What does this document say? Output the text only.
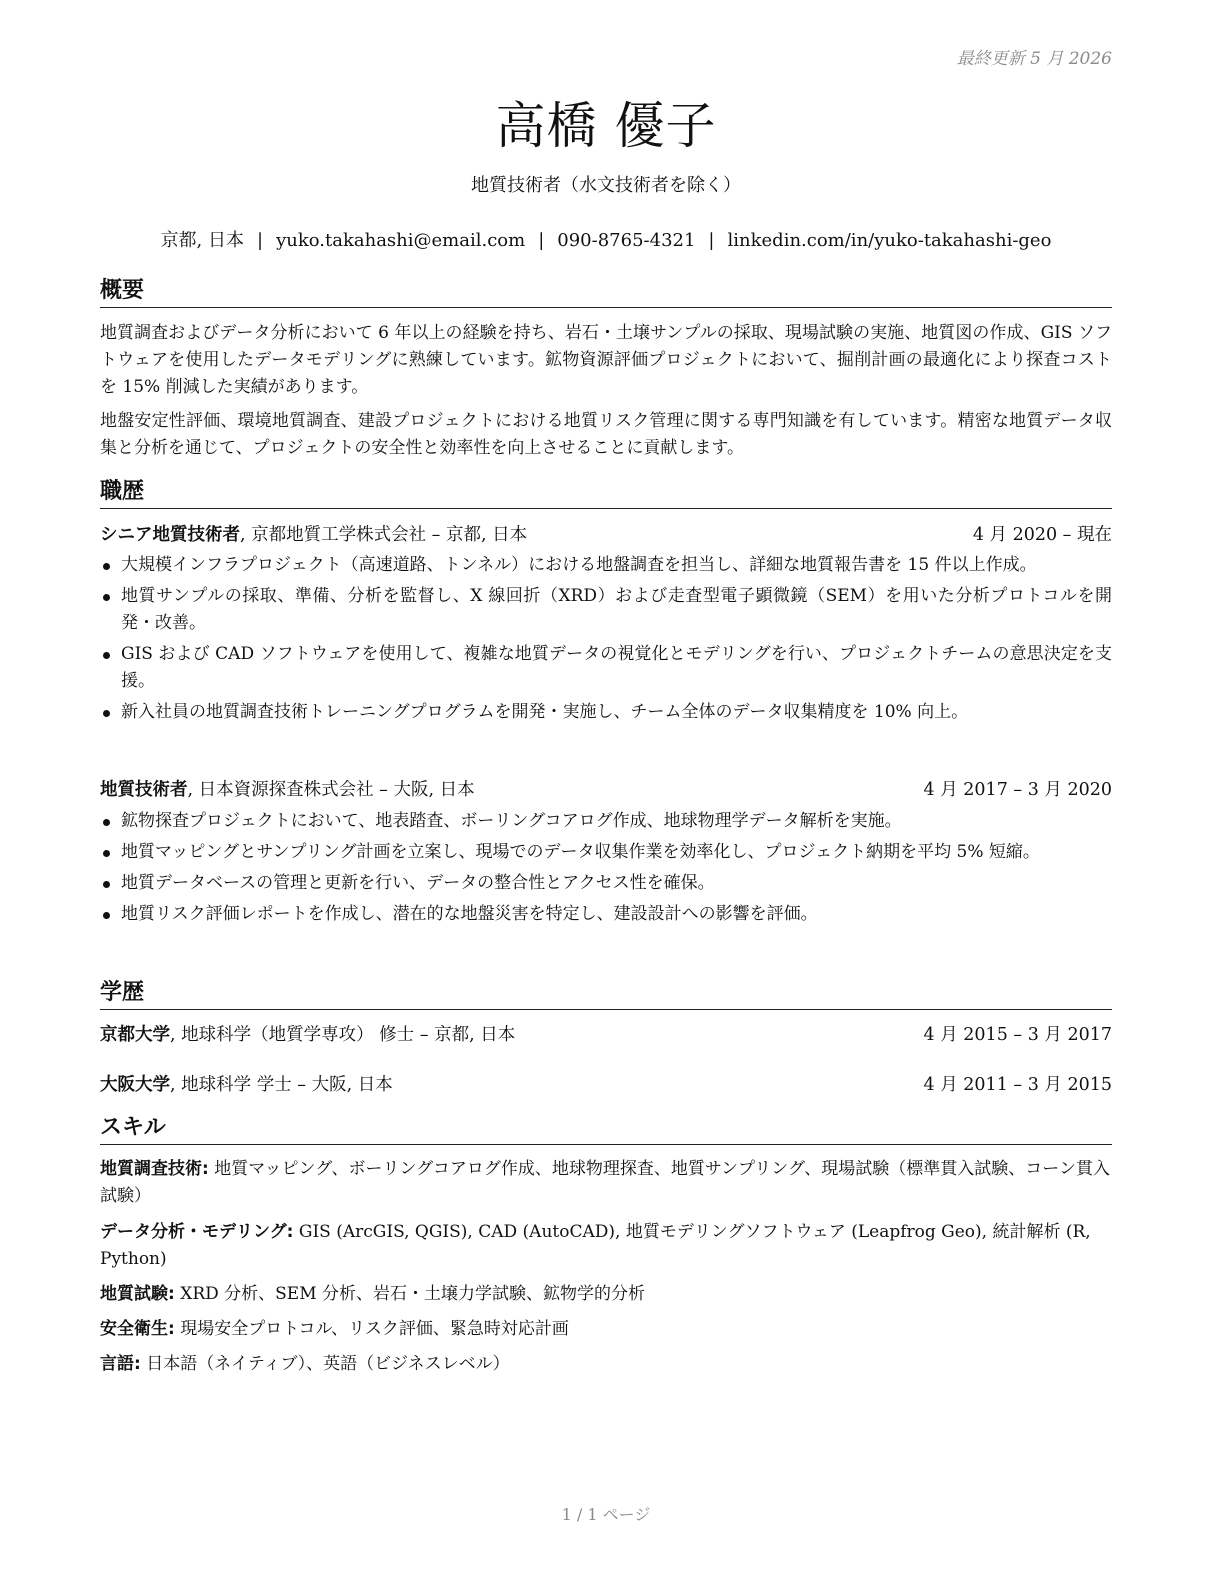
最終更新 5 月 2026
高橋 優子
地質技術者（水文技術者を除く）
京都, 日本 | yuko.takahashi@email.com | 090-8765-4321 | linkedin.com/in/yuko-takahashi-geo
概要

地質調査およびデータ分析において 6 年以上の経験を持ち、岩石・土壌サンプルの採取、現場試験の実施、地質図の作成、GIS ソフトウェアを使用したデータモデリングに熟練しています。鉱物資源評価プロジェクトにおいて、掘削計画の最適化により探査コストを 15% 削減した実績があります。

地盤安定性評価、環境地質調査、建設プロジェクトにおける地質リスク管理に関する専門知識を有しています。精密な地質データ収集と分析を通じて、プロジェクトの安全性と効率性を向上させることに貢献します。

職歴
シニア地質技術者, 京都地質工学株式会社 – 京都, 日本	4 月 2020 – 現在
大規模インフラプロジェクト（高速道路、トンネル）における地盤調査を担当し、詳細な地質報告書を 15 件以上作成。
地質サンプルの採取、準備、分析を監督し、X 線回折（XRD）および走査型電子顕微鏡（SEM）を用いた分析プロトコルを開発・改善。
GIS および CAD ソフトウェアを使用して、複雑な地質データの視覚化とモデリングを行い、プロジェクトチームの意思決定を支援。
新入社員の地質調査技術トレーニングプログラムを開発・実施し、チーム全体のデータ収集精度を 10% 向上。
地質技術者, 日本資源探査株式会社 – 大阪, 日本	4 月 2017 – 3 月 2020
鉱物探査プロジェクトにおいて、地表踏査、ボーリングコアログ作成、地球物理学データ解析を実施。
地質マッピングとサンプリング計画を立案し、現場でのデータ収集作業を効率化し、プロジェクト納期を平均 5% 短縮。
地質データベースの管理と更新を行い、データの整合性とアクセス性を確保。
地質リスク評価レポートを作成し、潜在的な地盤災害を特定し、建設設計への影響を評価。
学歴
京都大学, 地球科学（地質学専攻） 修士 – 京都, 日本	4 月 2015 – 3 月 2017
大阪大学, 地球科学 学士 – 大阪, 日本	4 月 2011 – 3 月 2015
スキル

地質調査技術: 地質マッピング、ボーリングコアログ作成、地球物理探査、地質サンプリング、現場試験（標準貫入試験、コーン貫入試験）

データ分析・モデリング: GIS (ArcGIS, QGIS), CAD (AutoCAD), 地質モデリングソフトウェア (Leapfrog Geo), 統計解析 (R, Python)

地質試験: XRD 分析、SEM 分析、岩石・土壌力学試験、鉱物学的分析

安全衛生: 現場安全プロトコル、リスク評価、緊急時対応計画

言語: 日本語（ネイティブ）、英語（ビジネスレベル）

1 / 1 ページ
